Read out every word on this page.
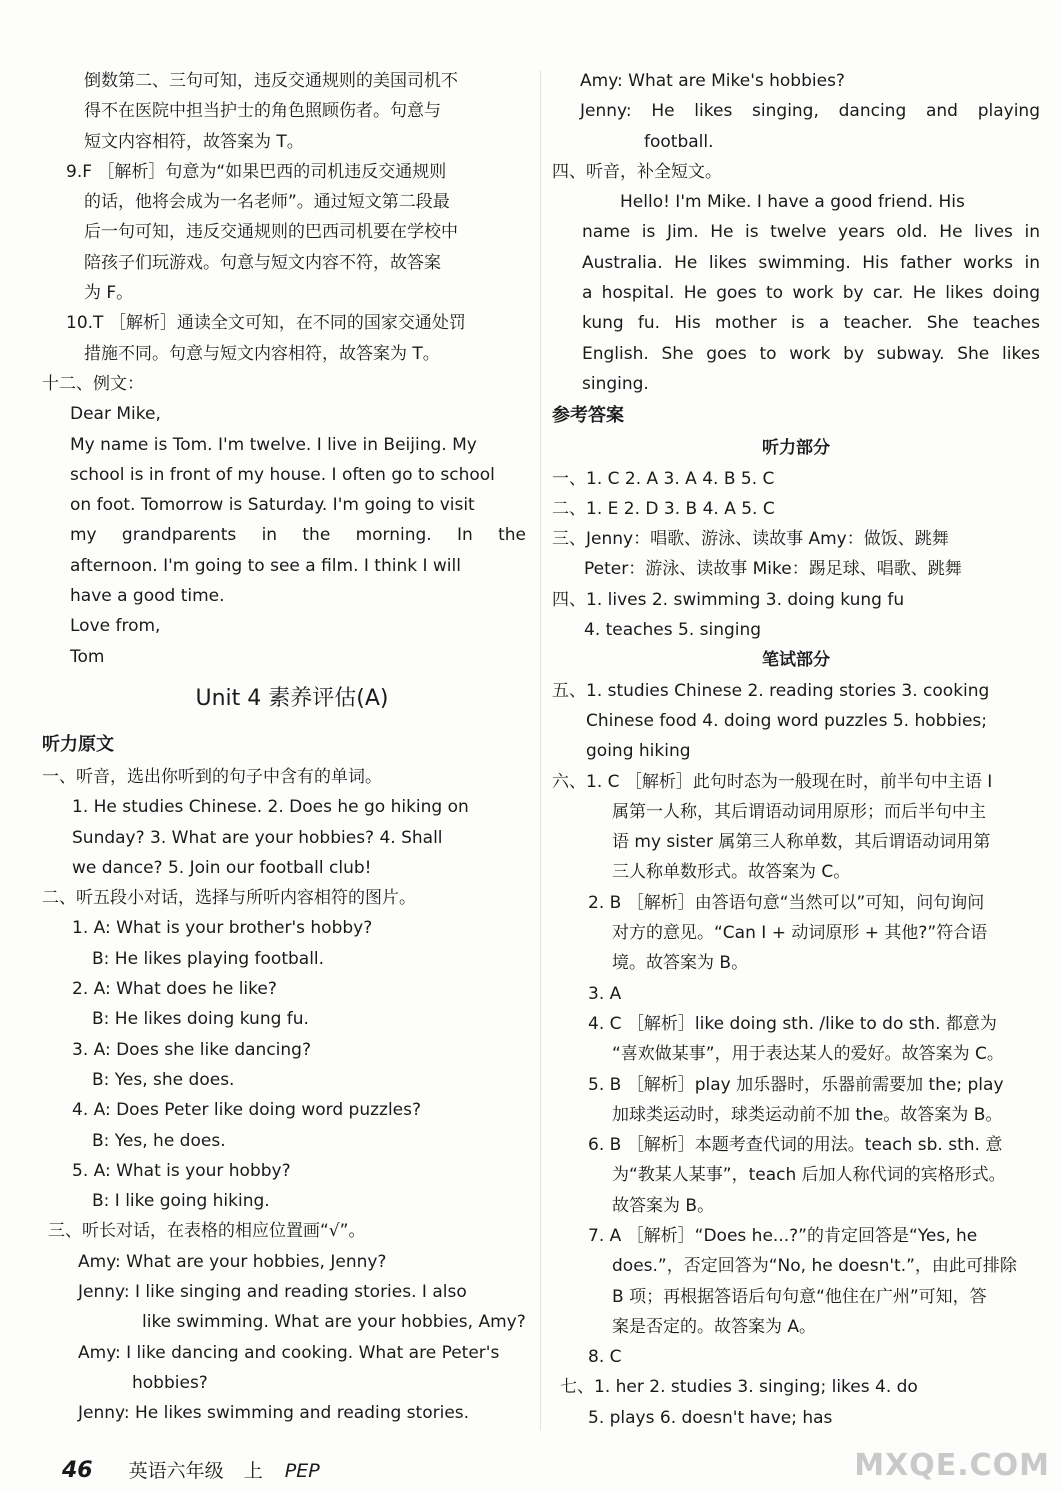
倒数第二、三句可知，违反交通规则的美国司机不
得不在医院中担当护士的角色照顾伤者。句意与
短文内容相符，故答案为 T。
9.F ［解析］句意为“如果巴西的司机违反交通规则
的话，他将会成为一名老师”。通过短文第二段最
后一句可知，违反交通规则的巴西司机要在学校中
陪孩子们玩游戏。句意与短文内容不符，故答案
为 F。
10.T ［解析］通读全文可知，在不同的国家交通处罚
措施不同。句意与短文内容相符，故答案为 T。
十二、例文：
Dear Mike,
My name is Tom. I'm twelve. I live in Beijing. My
school is in front of my house. I often go to school
on foot. Tomorrow is Saturday. I'm going to visit
my grandparents in the morning. In the
afternoon. I'm going to see a film. I think I will
have a good time.
Love from,
Tom
Unit 4 素养评估(A)
听力原文
一、听音，选出你听到的句子中含有的单词。
1. He studies Chinese. 2. Does he go hiking on
Sunday? 3. What are your hobbies? 4. Shall
we dance? 5. Join our football club!
二、听五段小对话，选择与所听内容相符的图片。
1. A: What is your brother's hobby?
B: He likes playing football.
2. A: What does he like?
B: He likes doing kung fu.
3. A: Does she like dancing?
B: Yes, she does.
4. A: Does Peter like doing word puzzles?
B: Yes, he does.
5. A: What is your hobby?
B: I like going hiking.
三、听长对话，在表格的相应位置画“√”。
Amy: What are your hobbies, Jenny?
Jenny: I like singing and reading stories. I also
like swimming. What are your hobbies, Amy?
Amy: I like dancing and cooking. What are Peter's
hobbies?
Jenny: He likes swimming and reading stories.
Amy: What are Mike's hobbies?
Jenny: He likes singing, dancing and playing
football.
四、听音，补全短文。
Hello! I'm Mike. I have a good friend. His
name is Jim. He is twelve years old. He lives in
Australia. He likes swimming. His father works in
a hospital. He goes to work by car. He likes doing
kung fu. His mother is a teacher. She teaches
English. She goes to work by subway. She likes
singing.
参考答案
听力部分
一、1. C 2. A 3. A 4. B 5. C
二、1. E 2. D 3. B 4. A 5. C
三、Jenny：唱歌、游泳、读故事 Amy：做饭、跳舞
Peter：游泳、读故事 Mike：踢足球、唱歌、跳舞
四、1. lives 2. swimming 3. doing kung fu
4. teaches 5. singing
笔试部分
五、1. studies Chinese 2. reading stories 3. cooking
Chinese food 4. doing word puzzles 5. hobbies;
going hiking
六、1. C ［解析］此句时态为一般现在时，前半句中主语 I
属第一人称，其后谓语动词用原形；而后半句中主
语 my sister 属第三人称单数，其后谓语动词用第
三人称单数形式。故答案为 C。
2. B ［解析］由答语句意“当然可以”可知，问句询问
对方的意见。“Can I + 动词原形 + 其他?”符合语
境。故答案为 B。
3. A
4. C ［解析］like doing sth. /like to do sth. 都意为
“喜欢做某事”，用于表达某人的爱好。故答案为 C。
5. B ［解析］play 加乐器时，乐器前需要加 the; play
加球类运动时，球类运动前不加 the。故答案为 B。
6. B ［解析］本题考查代词的用法。teach sb. sth. 意
为“教某人某事”，teach 后加人称代词的宾格形式。
故答案为 B。
7. A ［解析］“Does he...?”的肯定回答是“Yes, he
does.”，否定回答为“No, he doesn't.”，由此可排除
B 项；再根据答语后句句意“他住在广州”可知，答
案是否定的。故答案为 A。
8. C
七、1. her 2. studies 3. singing; likes 4. do
5. plays 6. doesn't have; has
46 英语六年级 上 PEP	MXQE.COM
